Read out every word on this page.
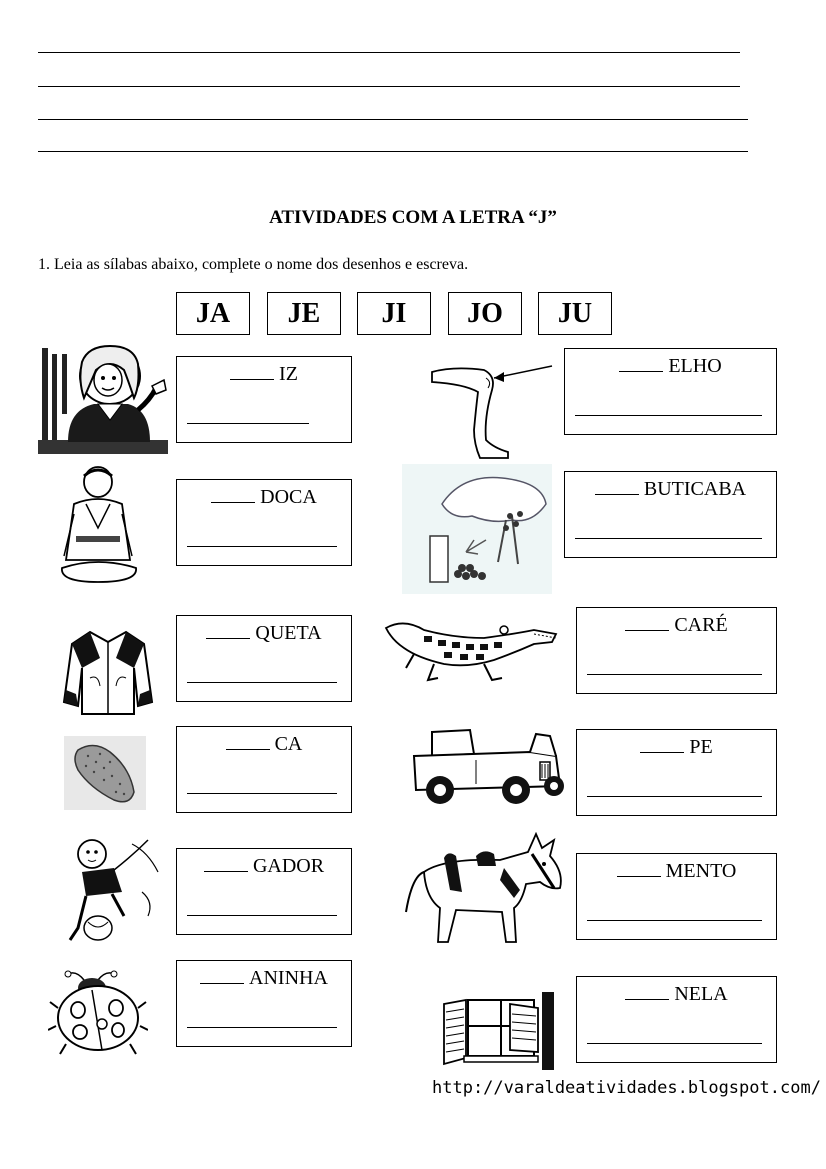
ATIVIDADES COM A LETRA “J”
1. Leia as sílabas abaixo, complete o nome dos desenhos e escreva.
JA	JE	JI	JO	JU
IZ
DOCA
QUETA
CA
GADOR
ANINHA
ELHO
BUTICABA
CARÉ
PE
MENTO
NELA
http://varaldeatividades.blogspot.com/
